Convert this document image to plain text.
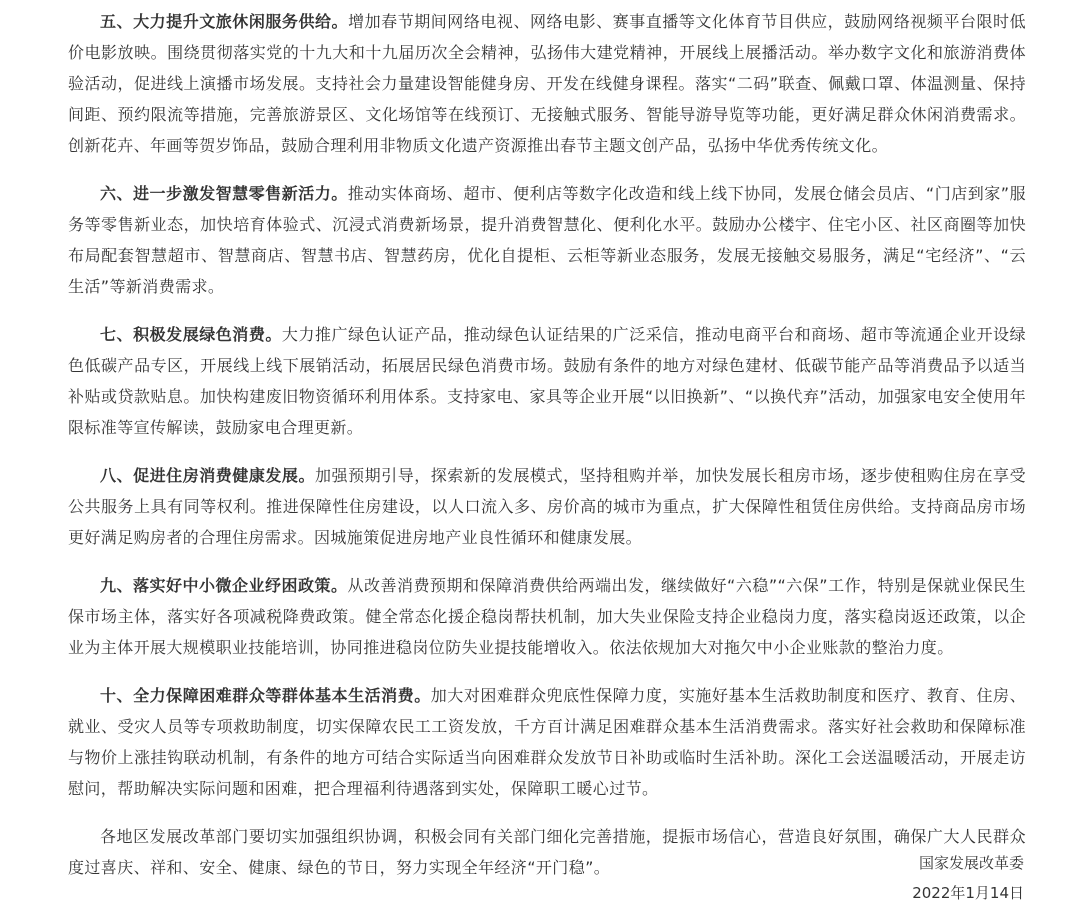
五、大力提升文旅休闲服务供给。增加春节期间网络电视、网络电影、赛事直播等文化体育节目供应，鼓励网络视频平台限时低价电影放映。围绕贯彻落实党的十九大和十九届历次全会精神，弘扬伟大建党精神，开展线上展播活动。举办数字文化和旅游消费体验活动，促进线上演播市场发展。支持社会力量建设智能健身房、开发在线健身课程。落实“二码”联查、佩戴口罩、体温测量、保持间距、预约限流等措施，完善旅游景区、文化场馆等在线预订、无接触式服务、智能导游导览等功能，更好满足群众休闲消费需求。创新花卉、年画等贺岁饰品，鼓励合理利用非物质文化遗产资源推出春节主题文创产品，弘扬中华优秀传统文化。

六、进一步激发智慧零售新活力。推动实体商场、超市、便利店等数字化改造和线上线下协同，发展仓储会员店、“门店到家”服务等零售新业态，加快培育体验式、沉浸式消费新场景，提升消费智慧化、便利化水平。鼓励办公楼宇、住宅小区、社区商圈等加快布局配套智慧超市、智慧商店、智慧书店、智慧药房，优化自提柜、云柜等新业态服务，发展无接触交易服务，满足“宅经济”、“云生活”等新消费需求。

七、积极发展绿色消费。大力推广绿色认证产品，推动绿色认证结果的广泛采信，推动电商平台和商场、超市等流通企业开设绿色低碳产品专区，开展线上线下展销活动，拓展居民绿色消费市场。鼓励有条件的地方对绿色建材、低碳节能产品等消费品予以适当补贴或贷款贴息。加快构建废旧物资循环利用体系。支持家电、家具等企业开展“以旧换新”、“以换代弃”活动，加强家电安全使用年限标准等宣传解读，鼓励家电合理更新。

八、促进住房消费健康发展。加强预期引导，探索新的发展模式，坚持租购并举，加快发展长租房市场，逐步使租购住房在享受公共服务上具有同等权利。推进保障性住房建设，以人口流入多、房价高的城市为重点，扩大保障性租赁住房供给。支持商品房市场更好满足购房者的合理住房需求。因城施策促进房地产业良性循环和健康发展。

九、落实好中小微企业纾困政策。从改善消费预期和保障消费供给两端出发，继续做好“六稳”“六保”工作，特别是保就业保民生保市场主体，落实好各项减税降费政策。健全常态化援企稳岗帮扶机制，加大失业保险支持企业稳岗力度，落实稳岗返还政策，以企业为主体开展大规模职业技能培训，协同推进稳岗位防失业提技能增收入。依法依规加大对拖欠中小企业账款的整治力度。

十、全力保障困难群众等群体基本生活消费。加大对困难群众兜底性保障力度，实施好基本生活救助制度和医疗、教育、住房、就业、受灾人员等专项救助制度，切实保障农民工工资发放，千方百计满足困难群众基本生活消费需求。落实好社会救助和保障标准与物价上涨挂钩联动机制，有条件的地方可结合实际适当向困难群众发放节日补助或临时生活补助。深化工会送温暖活动，开展走访慰问，帮助解决实际问题和困难，把合理福利待遇落到实处，保障职工暖心过节。

各地区发展改革部门要切实加强组织协调，积极会同有关部门细化完善措施，提振市场信心，营造良好氛围，确保广大人民群众度过喜庆、祥和、安全、健康、绿色的节日，努力实现全年经济“开门稳”。	国家发展改革委
2022年1月14日
